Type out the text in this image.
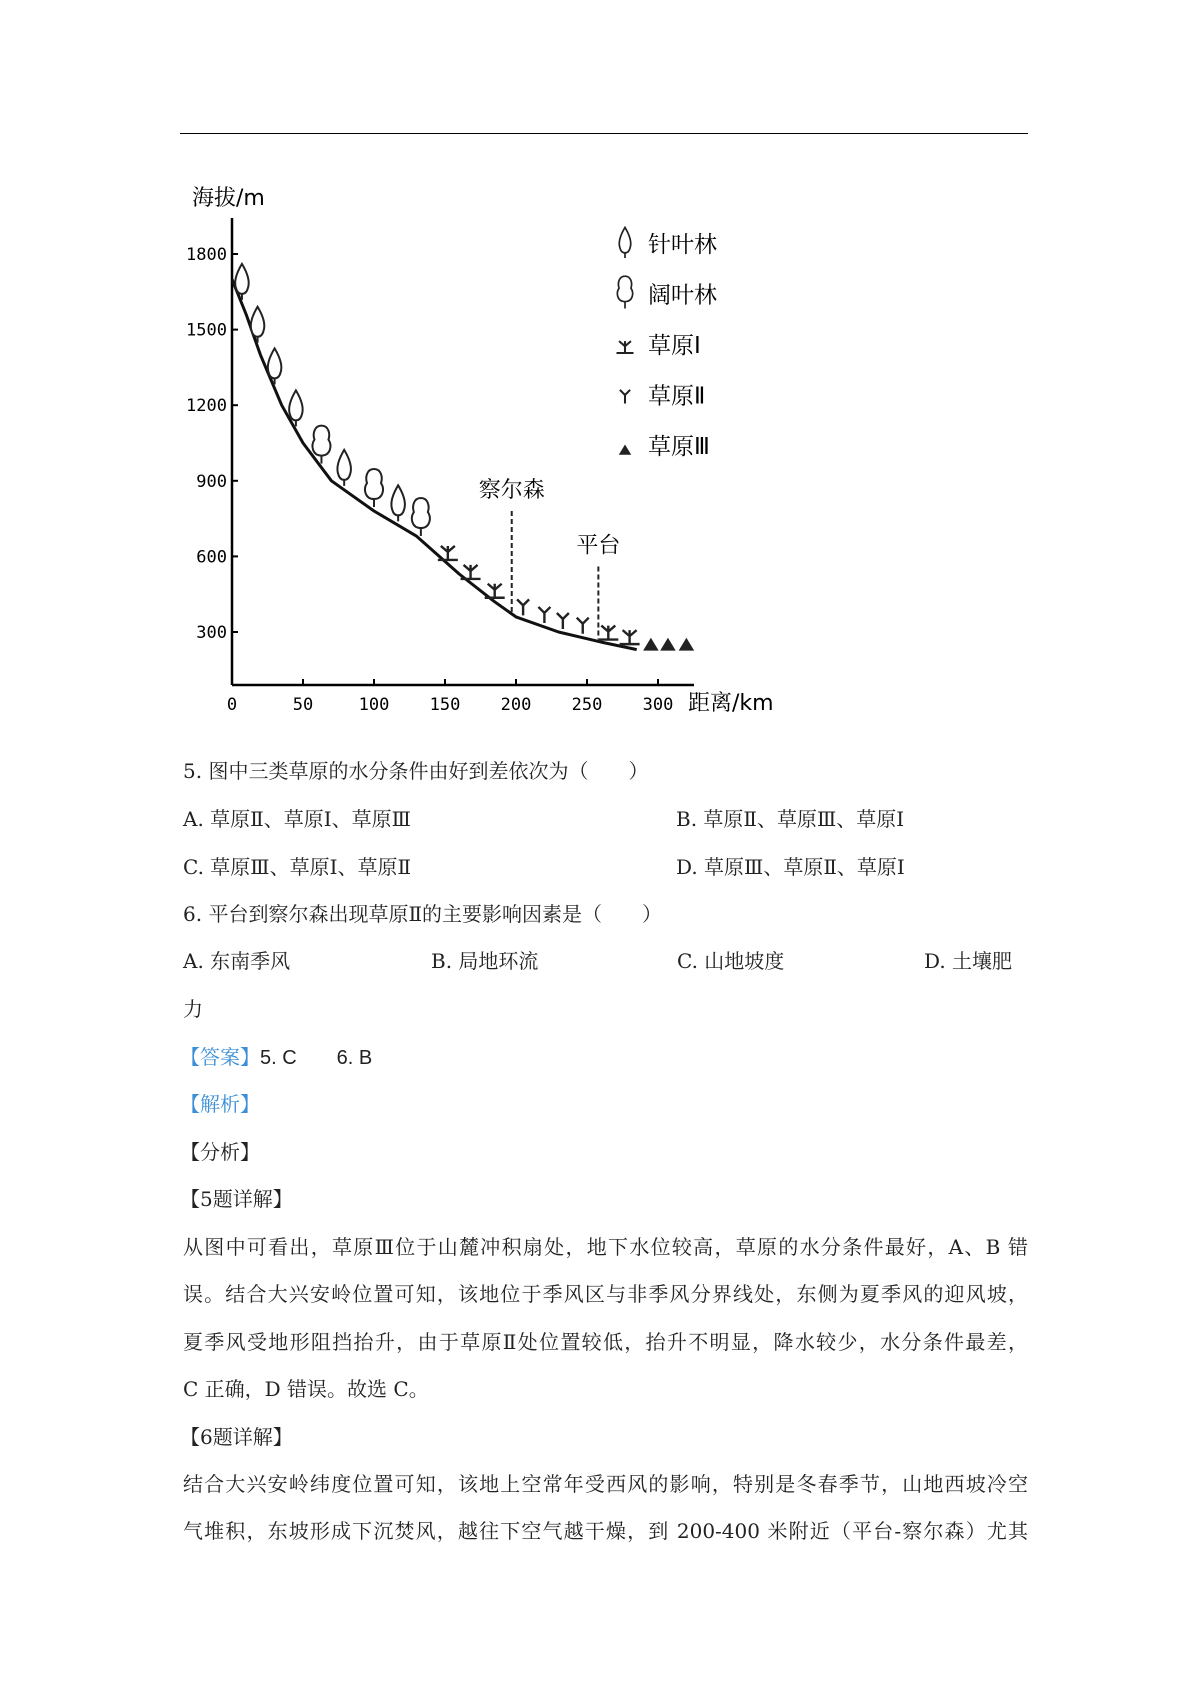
1800
1500
1200
900
600
300
0	50	100 150 200 250 300
察尔森
平台
针叶林
阔叶林
草原Ⅰ
草原Ⅱ
草原Ⅲ
海拔/m
距离/km
5. 图中三类草原的水分条件由好到差依次为（　　）
A. 草原Ⅱ、草原Ⅰ、草原Ⅲ	B. 草原Ⅱ、草原Ⅲ、草原Ⅰ
C. 草原Ⅲ、草原Ⅰ、草原Ⅱ	D. 草原Ⅲ、草原Ⅱ、草原Ⅰ
6. 平台到察尔森出现草原Ⅱ的主要影响因素是（　　）
A. 东南季风	B. 局地环流	C. 山地坡度	D. 土壤肥
力
【答案】5. C　　6. B
【解析】
【分析】
【5题详解】
从图中可看出，草原Ⅲ位于山麓冲积扇处，地下水位较高，草原的水分条件最好，A、B 错
误。结合大兴安岭位置可知，该地位于季风区与非季风分界线处，东侧为夏季风的迎风坡，
夏季风受地形阻挡抬升，由于草原Ⅱ处位置较低，抬升不明显，降水较少，水分条件最差，
C 正确，D 错误。故选 C。
【6题详解】
结合大兴安岭纬度位置可知，该地上空常年受西风的影响，特别是冬春季节，山地西坡冷空
气堆积，东坡形成下沉焚风，越往下空气越干燥，到 200-400 米附近（平台-察尔森）尤其
